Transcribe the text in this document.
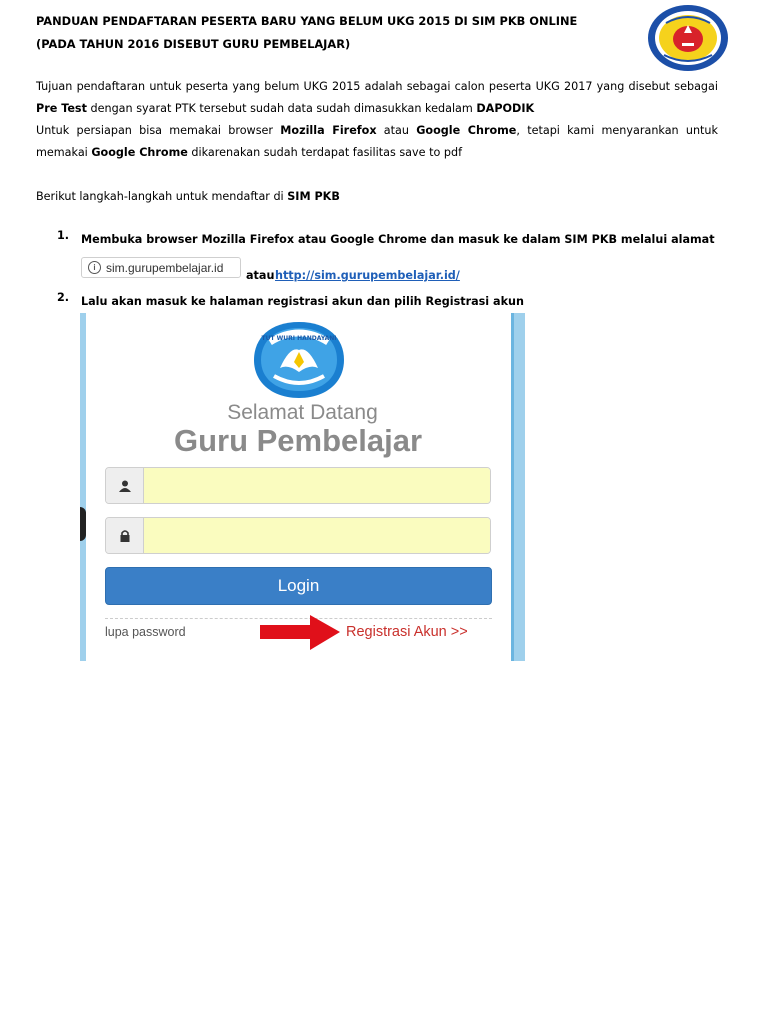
PANDUAN PENDAFTARAN PESERTA BARU YANG BELUM UKG 2015 DI SIM PKB ONLINE
(PADA TAHUN 2016 DISEBUT GURU PEMBELAJAR)
Tujuan pendaftaran untuk peserta yang belum UKG 2015 adalah sebagai calon peserta UKG 2017 yang disebut sebagai Pre Test dengan syarat PTK tersebut sudah data sudah dimasukkan kedalam DAPODIK
Untuk persiapan bisa memakai browser Mozilla Firefox atau Google Chrome, tetapi kami menyarankan untuk memakai Google Chrome dikarenakan sudah terdapat fasilitas save to pdf
Berikut langkah-langkah untuk mendaftar di SIM PKB
1. Membuka browser Mozilla Firefox atau Google Chrome dan masuk ke dalam SIM PKB melalui alamat
i sim.gurupembelajar.id
atau http://sim.gurupembelajar.id/
2. Lalu akan masuk ke halaman registrasi akun dan pilih Registrasi akun
TUT WURI HANDAYANI
Selamat Datang
Guru Pembelajar
Login
lupa password	Registrasi Akun >>
